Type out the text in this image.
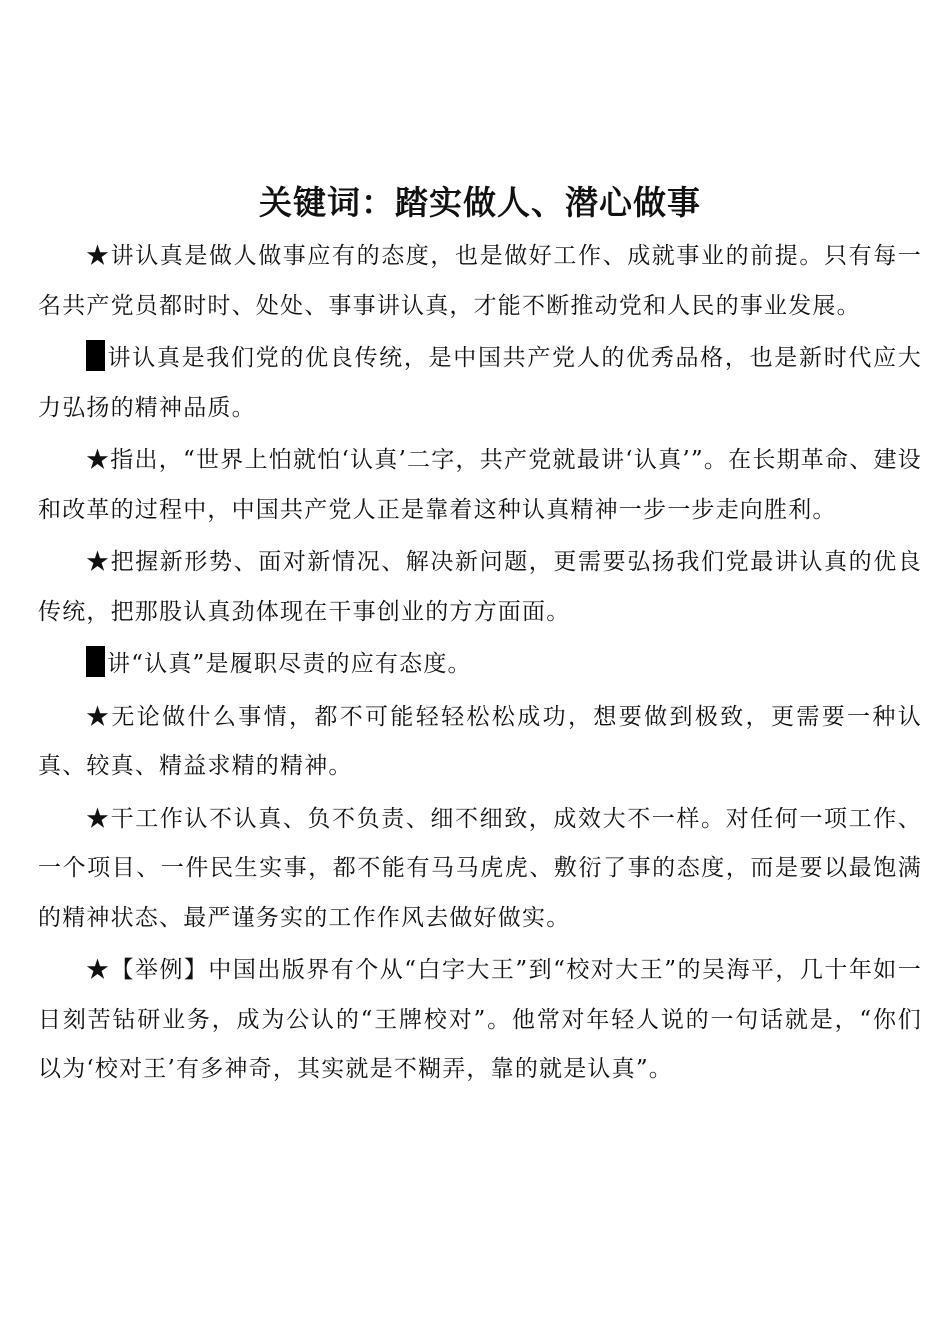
关键词：踏实做人、潜心做事

★讲认真是做人做事应有的态度，也是做好工作、成就事业的前提。只有每一名共产党员都时时、处处、事事讲认真，才能不断推动党和人民的事业发展。

讲认真是我们党的优良传统，是中国共产党人的优秀品格，也是新时代应大力弘扬的精神品质。

★指出，“世界上怕就怕‘认真’二字，共产党就最讲‘认真’”。在长期革命、建设和改革的过程中，中国共产党人正是靠着这种认真精神一步一步走向胜利。

★把握新形势、面对新情况、解决新问题，更需要弘扬我们党最讲认真的优良传统，把那股认真劲体现在干事创业的方方面面。

讲“认真”是履职尽责的应有态度。

★无论做什么事情，都不可能轻轻松松成功，想要做到极致，更需要一种认真、较真、精益求精的精神。

★干工作认不认真、负不负责、细不细致，成效大不一样。对任何一项工作、一个项目、一件民生实事，都不能有马马虎虎、敷衍了事的态度，而是要以最饱满的精神状态、最严谨务实的工作作风去做好做实。

★【举例】中国出版界有个从“白字大王”到“校对大王”的吴海平，几十年如一日刻苦钻研业务，成为公认的“王牌校对”。他常对年轻人说的一句话就是，“你们以为‘校对王’有多神奇，其实就是不糊弄，靠的就是认真”。
